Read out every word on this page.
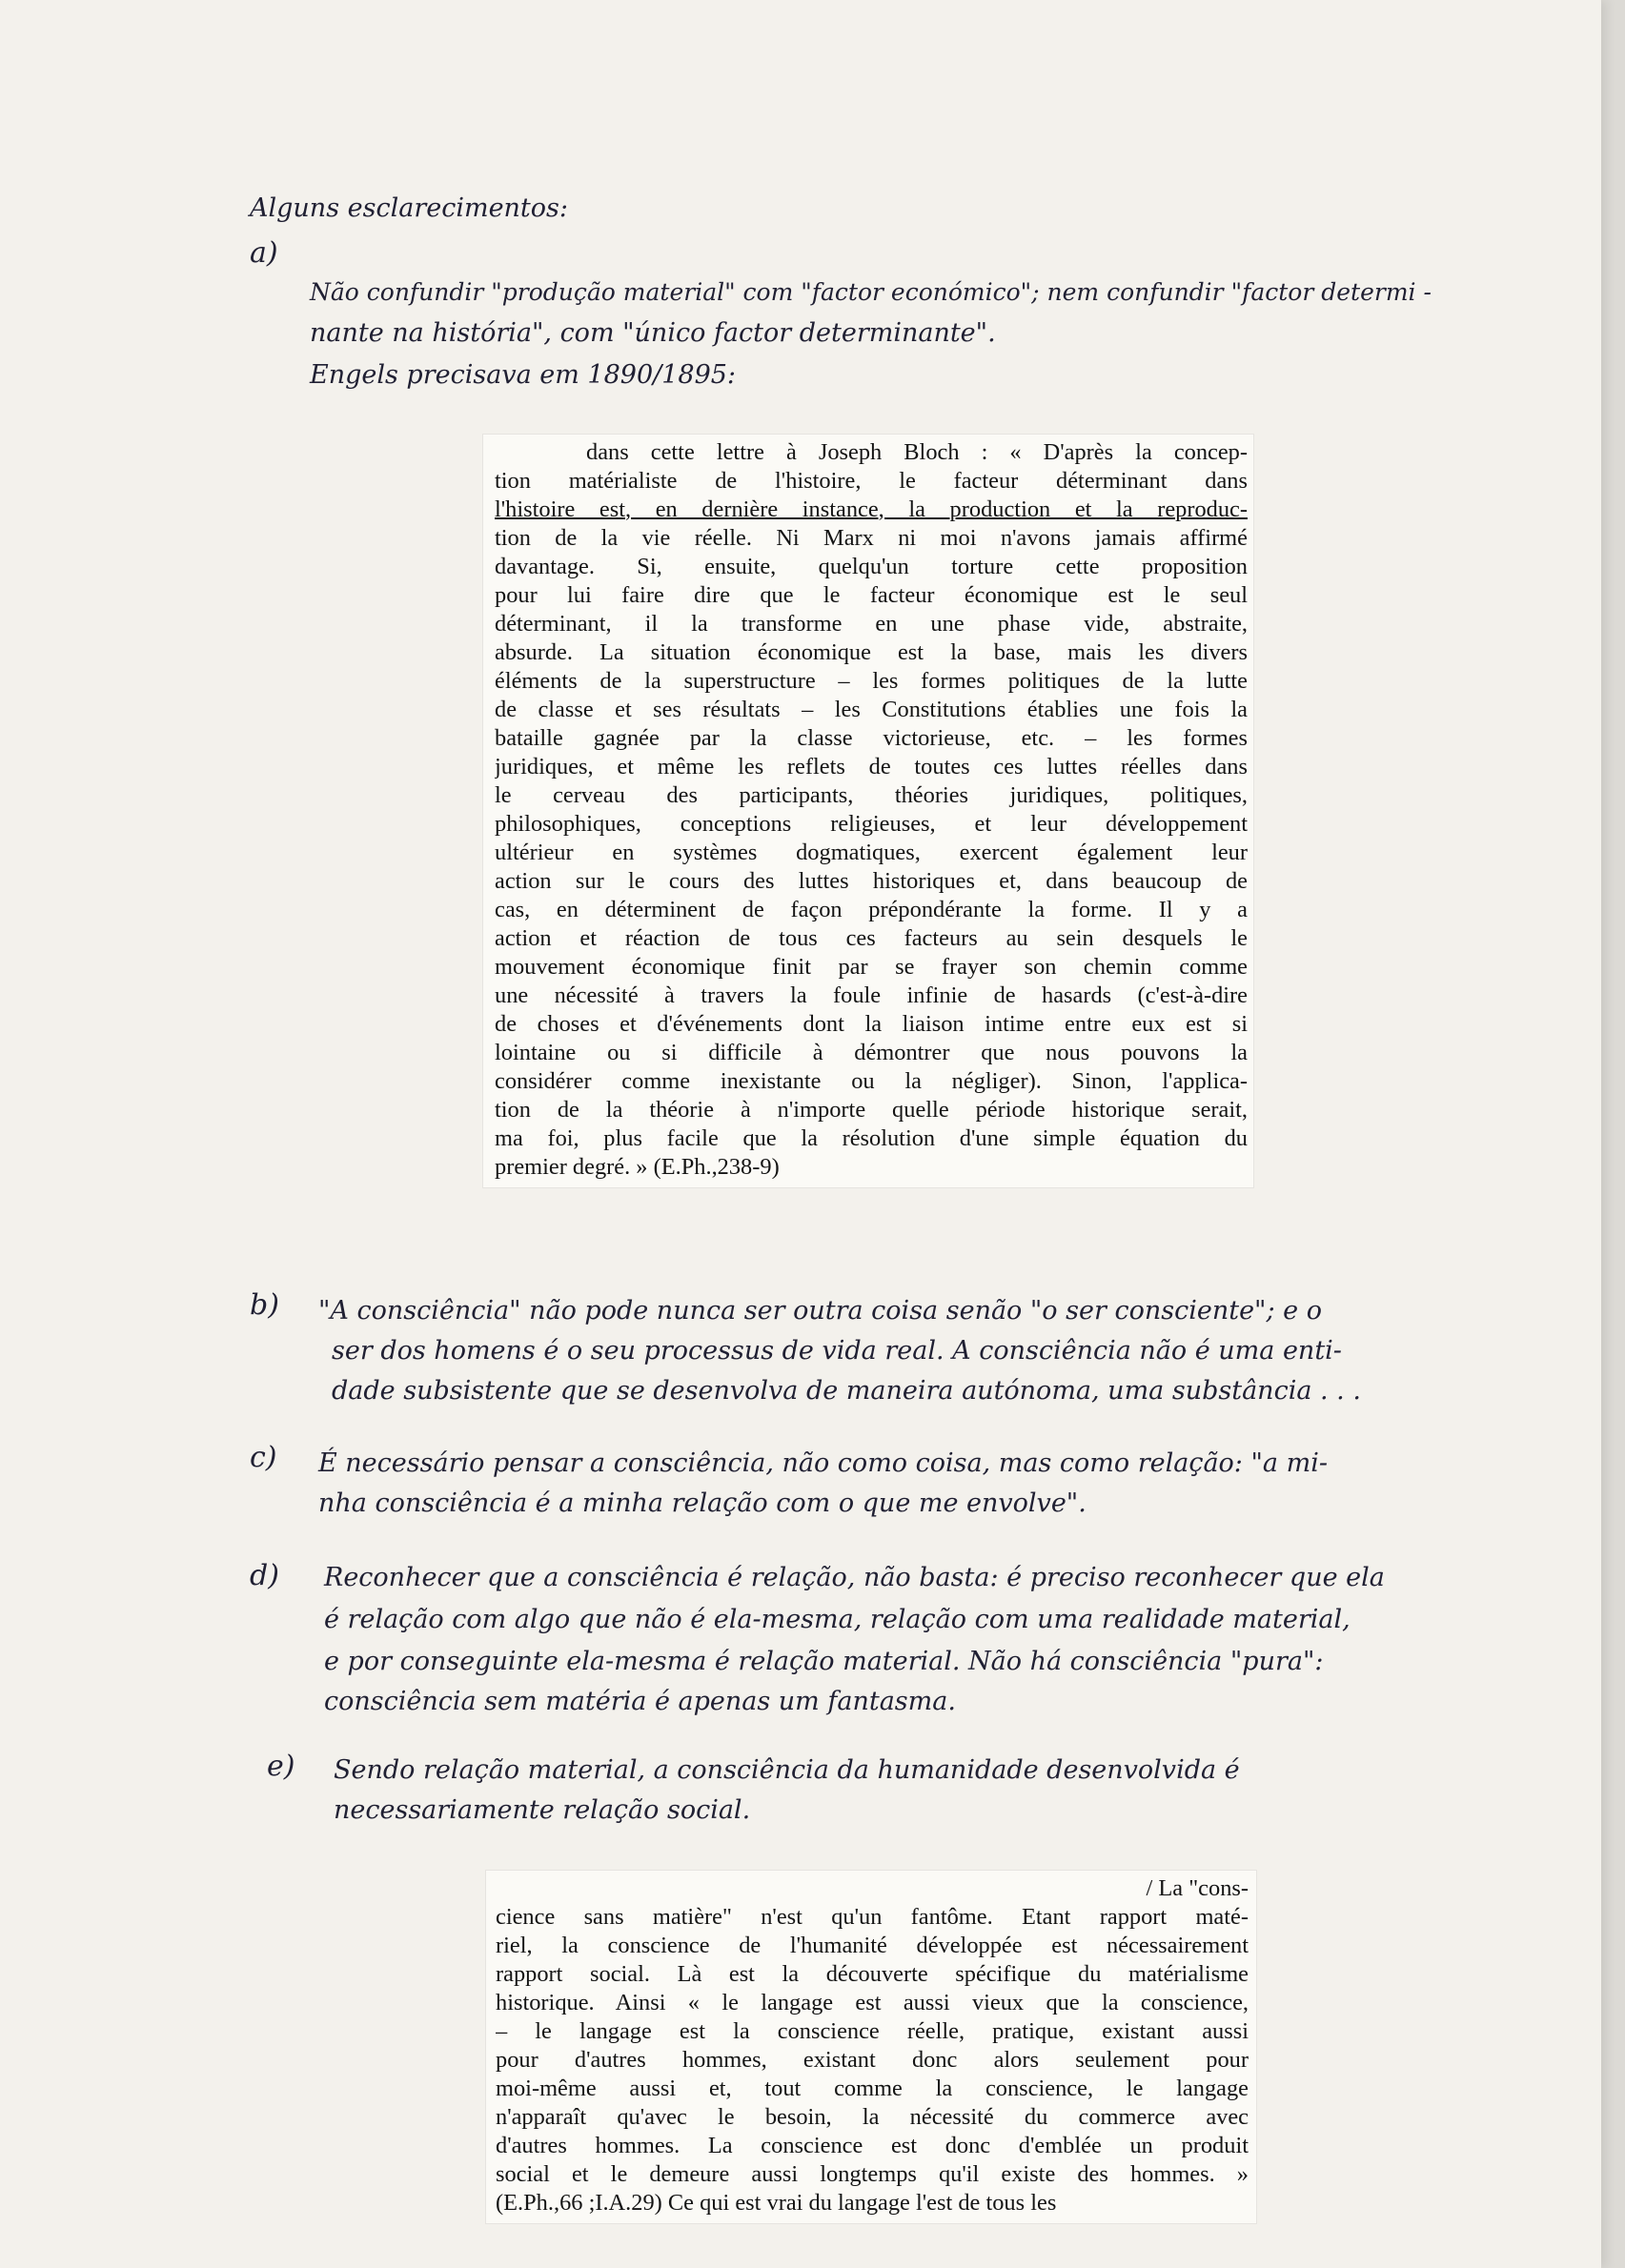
Alguns esclarecimentos:
a)
Não confundir "produção material" com "factor económico"; nem confundir "factor determi -
nante na história", com "único factor determinante".
Engels precisava em 1890/1895:
dans cette lettre à Joseph Bloch : « D'après la concep-
tion matérialiste de l'histoire, le facteur déterminant dans
l'histoire est, en dernière instance, la production et la reproduc-
tion de la vie réelle. Ni Marx ni moi n'avons jamais affirmé
davantage. Si, ensuite, quelqu'un torture cette proposition
pour lui faire dire que le facteur économique est le seul
déterminant, il la transforme en une phase vide, abstraite,
absurde. La situation économique est la base, mais les divers
éléments de la superstructure – les formes politiques de la lutte
de classe et ses résultats – les Constitutions établies une fois la
bataille gagnée par la classe victorieuse, etc. – les formes
juridiques, et même les reflets de toutes ces luttes réelles dans
le cerveau des participants, théories juridiques, politiques,
philosophiques, conceptions religieuses, et leur développement
ultérieur en systèmes dogmatiques, exercent également leur
action sur le cours des luttes historiques et, dans beaucoup de
cas, en déterminent de façon prépondérante la forme. Il y a
action et réaction de tous ces facteurs au sein desquels le
mouvement économique finit par se frayer son chemin comme
une nécessité à travers la foule infinie de hasards (c'est-à-dire
de choses et d'événements dont la liaison intime entre eux est si
lointaine ou si difficile à démontrer que nous pouvons la
considérer comme inexistante ou la négliger). Sinon, l'applica-
tion de la théorie à n'importe quelle période historique serait,
ma foi, plus facile que la résolution d'une simple équation du
premier degré. » (E.Ph.,238-9)
b) "A consciência" não pode nunca ser outra coisa senão "o ser consciente"; e o
ser dos homens é o seu processus de vida real. A consciência não é uma enti-
dade subsistente que se desenvolva de maneira autónoma, uma substância . . .
c) É necessário pensar a consciência, não como coisa, mas como relação: "a mi-
nha consciência é a minha relação com o que me envolve".
d) Reconhecer que a consciência é relação, não basta: é preciso reconhecer que ela
é relação com algo que não é ela-mesma, relação com uma realidade material,
e por conseguinte ela-mesma é relação material. Não há consciência "pura":
consciência sem matéria é apenas um fantasma.
e) Sendo relação material, a consciência da humanidade desenvolvida é
necessariamente relação social.
/ La "cons-
cience sans matière" n'est qu'un fantôme. Etant rapport maté-
riel, la conscience de l'humanité développée est nécessairement
rapport social. Là est la découverte spécifique du matérialisme
historique. Ainsi « le langage est aussi vieux que la conscience,
– le langage est la conscience réelle, pratique, existant aussi
pour d'autres hommes, existant donc alors seulement pour
moi-même aussi et, tout comme la conscience, le langage
n'apparaît qu'avec le besoin, la nécessité du commerce avec
d'autres hommes. La conscience est donc d'emblée un produit
social et le demeure aussi longtemps qu'il existe des hommes. »
(E.Ph.,66 ;I.A.29) Ce qui est vrai du langage l'est de tous les
